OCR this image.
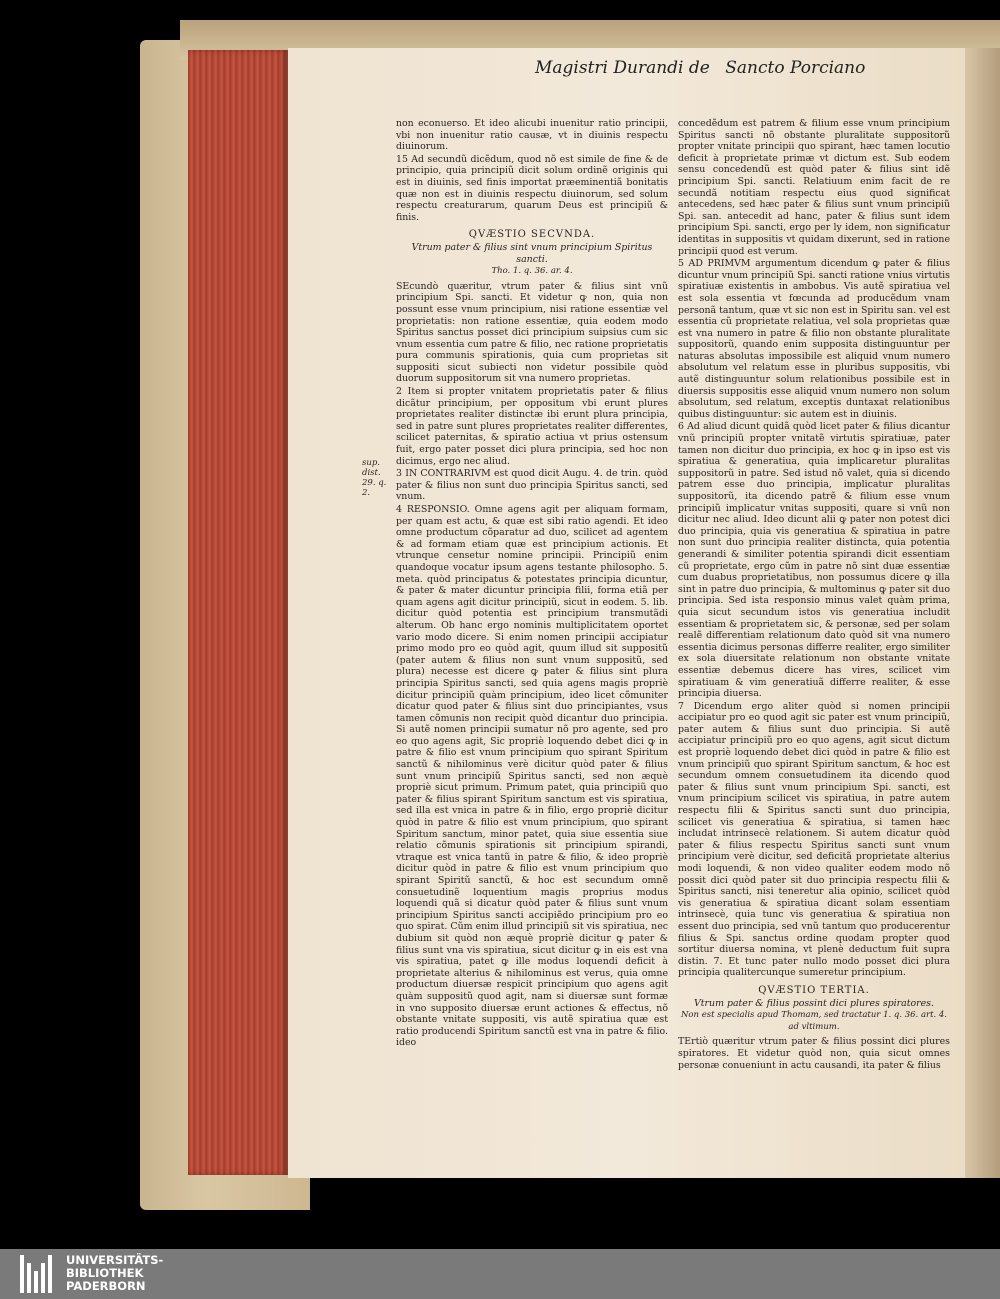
Magistri Durandi de Sancto Porciano
sup. dist. 29. q. 2.

non econuerso. Et ideo alicubi inuenitur ratio principii, vbi non inuenitur ratio causæ, vt in diuinis respectu diuinorum.

15 Ad secundũ dicẽdum, quod nõ est simile de fine & de principio, quia principiũ dicit solum ordinẽ originis qui est in diuinis, sed finis importat præeminentiã bonitatis quæ non est in diuinis respectu diuinorum, sed solum respectu creaturarum, quarum Deus est principiũ & finis.

QVÆSTIO SECVNDA.
Vtrum pater & filius sint vnum principium Spiritus sancti.
Tho. 1. q. 36. ar. 4.

SEcundò quæritur, vtrum pater & filius sint vnũ principium Spi. sancti. Et videtur ꝙ non, quia non possunt esse vnum principium, nisi ratione essentiæ vel proprietatis: non ratione essentiæ, quia eodem modo Spiritus sanctus posset dici principium suipsius cum sic vnum essentia cum patre & filio, nec ratione proprietatis pura communis spirationis, quia cum proprietas sit suppositi sicut subiecti non videtur possibile quòd duorum suppositorum sit vna numero proprietas.

2 Item si propter vnitatem proprietatis pater & filius dicãtur principium, per oppositum vbi erunt plures proprietates realiter distinctæ ibi erunt plura principia, sed in patre sunt plures proprietates realiter differentes, scilicet paternitas, & spiratio actiua vt prius ostensum fuit, ergo pater posset dici plura principia, sed hoc non dicimus, ergo nec aliud.

3 IN CONTRARIVM est quod dicit Augu. 4. de trin. quòd pater & filius non sunt duo principia Spiritus sancti, sed vnum.

4 RESPONSIO. Omne agens agit per aliquam formam, per quam est actu, & quæ est sibi ratio agendi. Et ideo omne productum cõparatur ad duo, scilicet ad agentem & ad formam etiam quæ est principium actionis. Et vtrunque censetur nomine principii. Principiũ enim quandoque vocatur ipsum agens testante philosopho. 5. meta. quòd principatus & potestates principia dicuntur, & pater & mater dicuntur principia filii, forma etiã per quam agens agit dicitur principiũ, sicut in eodem. 5. lib. dicitur quòd potentia est principium transmutãdi alterum. Ob hanc ergo nominis multiplicitatem oportet vario modo dicere. Si enim nomen principii accipiatur primo modo pro eo quòd agit, quum illud sit suppositũ (pater autem & filius non sunt vnum suppositũ, sed plura) necesse est dicere ꝙ pater & filius sint plura principia Spiritus sancti, sed quia agens magis propriè dicitur principiũ quàm principium, ideo licet cõmuniter dicatur quod pater & filius sint duo principiantes, vsus tamen cõmunis non recipit quòd dicantur duo principia. Si autẽ nomen principii sumatur nõ pro agente, sed pro eo quo agens agit, Sic propriè loquendo debet dici ꝙ in patre & filio est vnum principium quo spirant Spiritum sanctũ & nihilominus verè dicitur quòd pater & filius sunt vnum principiũ Spiritus sancti, sed non æquè propriè sicut primum. Primum patet, quia principiũ quo pater & filius spirant Spiritum sanctum est vis spiratiua, sed illa est vnica in patre & in filio, ergo propriè dicitur quòd in patre & filio est vnum principium, quo spirant Spiritum sanctum, minor patet, quia siue essentia siue relatio cõmunis spirationis sit principium spirandi, vtraque est vnica tantũ in patre & filio, & ideo propriè dicitur quòd in patre & filio est vnum principium quo spirant Spiritũ sanctũ, & hoc est secundum omnẽ consuetudinẽ loquentium magis proprius modus loquendi quã si dicatur quòd pater & filius sunt vnum principium Spiritus sancti accipiẽdo principium pro eo quo spirat. Cũm enim illud principiũ sit vis spiratiua, nec dubium sit quòd non æquè propriè dicitur ꝙ pater & filius sunt vna vis spiratiua, sicut dicitur ꝙ in eis est vna vis spiratiua, patet ꝙ ille modus loquendi deficit à proprietate alterius & nihilominus est verus, quia omne productum diuersæ respicit principium quo agens agit quàm suppositũ quod agit, nam si diuersæ sunt formæ in vno supposito diuersæ erunt actiones & effectus, nõ obstante vnitate suppositi, vis autẽ spiratiua quæ est ratio producendi Spiritum sanctũ est vna in patre & filio. ideo

concedẽdum est patrem & filium esse vnum principium Spiritus sancti nõ obstante pluralitate suppositorũ propter vnitate principii quo spirant, hæc tamen locutio deficit à proprietate primæ vt dictum est. Sub eodem sensu concedendũ est quòd pater & filius sint idẽ principium Spi. sancti. Relatiuum enim facit de re secundã notitiam respectu eius quod significat antecedens, sed hæc pater & filius sunt vnum principiũ Spi. san. antecedit ad hanc, pater & filius sunt idem principium Spi. sancti, ergo per ly idem, non significatur identitas in suppositis vt quidam dixerunt, sed in ratione principii quod est verum.

5 AD PRIMVM argumentum dicendum ꝙ pater & filius dicuntur vnum principiũ Spi. sancti ratione vnius virtutis spiratiuæ existentis in ambobus. Vis autẽ spiratiua vel est sola essentia vt fœcunda ad producẽdum vnam personã tantum, quæ vt sic non est in Spiritu san. vel est essentia cũ proprietate relatiua, vel sola proprietas quæ est vna numero in patre & filio non obstante pluralitate suppositorũ, quando enim supposita distinguuntur per naturas absolutas impossibile est aliquid vnum numero absolutum vel relatum esse in pluribus suppositis, vbi autẽ distinguuntur solum relationibus possibile est in diuersis suppositis esse aliquid vnum numero non solum absolutum, sed relatum, exceptis duntaxat relationibus quibus distinguuntur: sic autem est in diuinis.

6 Ad aliud dicunt quidã quòd licet pater & filius dicantur vnũ principiũ propter vnitatẽ virtutis spiratiuæ, pater tamen non dicitur duo principia, ex hoc ꝙ in ipso est vis spiratiua & generatiua, quia implicaretur pluralitas suppositorũ in patre. Sed istud nõ valet, quia si dicendo patrem esse duo principia, implicatur pluralitas suppositorũ, ita dicendo patrẽ & filium esse vnum principiũ implicatur vnitas suppositi, quare si vnũ non dicitur nec aliud. Ideo dicunt alii ꝙ pater non potest dici duo principia, quia vis generatiua & spiratiua in patre non sunt duo principia realiter distincta, quia potentia generandi & similiter potentia spirandi dicit essentiam cũ proprietate, ergo cũm in patre nõ sint duæ essentiæ cum duabus proprietatibus, non possumus dicere ꝙ illa sint in patre duo principia, & multominus ꝙ pater sit duo principia. Sed ista responsio minus valet quàm prima, quia sicut secundum istos vis generatiua includit essentiam & proprietatem sic, & personæ, sed per solam realẽ differentiam relationum dato quòd sit vna numero essentia dicimus personas differre realiter, ergo similiter ex sola diuersitate relationum non obstante vnitate essentiæ debemus dicere has vires, scilicet vim spiratiuam & vim generatiuã differre realiter, & esse principia diuersa.

7 Dicendum ergo aliter quòd si nomen principii accipiatur pro eo quod agit sic pater est vnum principiũ, pater autem & filius sunt duo principia. Si autẽ accipiatur principiũ pro eo quo agens, agit sicut dictum est propriè loquendo debet dici quòd in patre & filio est vnum principiũ quo spirant Spiritum sanctum, & hoc est secundum omnem consuetudinem ita dicendo quod pater & filius sunt vnum principium Spi. sancti, est vnum principium scilicet vis spiratiua, in patre autem respectu filii & Spiritus sancti sunt duo principia, scilicet vis generatiua & spiratiua, si tamen hæc includat intrinsecè relationem. Si autem dicatur quòd pater & filius respectu Spiritus sancti sunt vnum principium verè dicitur, sed deficitã proprietate alterius modi loquendi, & non video qualiter eodem modo nõ possit dici quòd pater sit duo principia respectu filii & Spiritus sancti, nisi teneretur alia opinio, scilicet quòd vis generatiua & spiratiua dicant solam essentiam intrinsecè, quia tunc vis generatiua & spiratiua non essent duo principia, sed vnũ tantum quo producerentur filius & Spi. sanctus ordine quodam propter quod sortitur diuersa nomina, vt plenè deductum fuit supra distin. 7. Et tunc pater nullo modo posset dici plura principia qualitercunque sumeretur principium.

QVÆSTIO TERTIA.
Vtrum pater & filius possint dici plures spiratores.
Non est specialis apud Thomam, sed tractatur 1. q. 36. art. 4. ad vltimum.

TErtiò quæritur vtrum pater & filius possint dici plures spiratores. Et videtur quòd non, quia sicut omnes personæ conueniunt in actu causandi, ita pater & filius

UNIVERSITÄTS-
BIBLIOTHEK
PADERBORN
